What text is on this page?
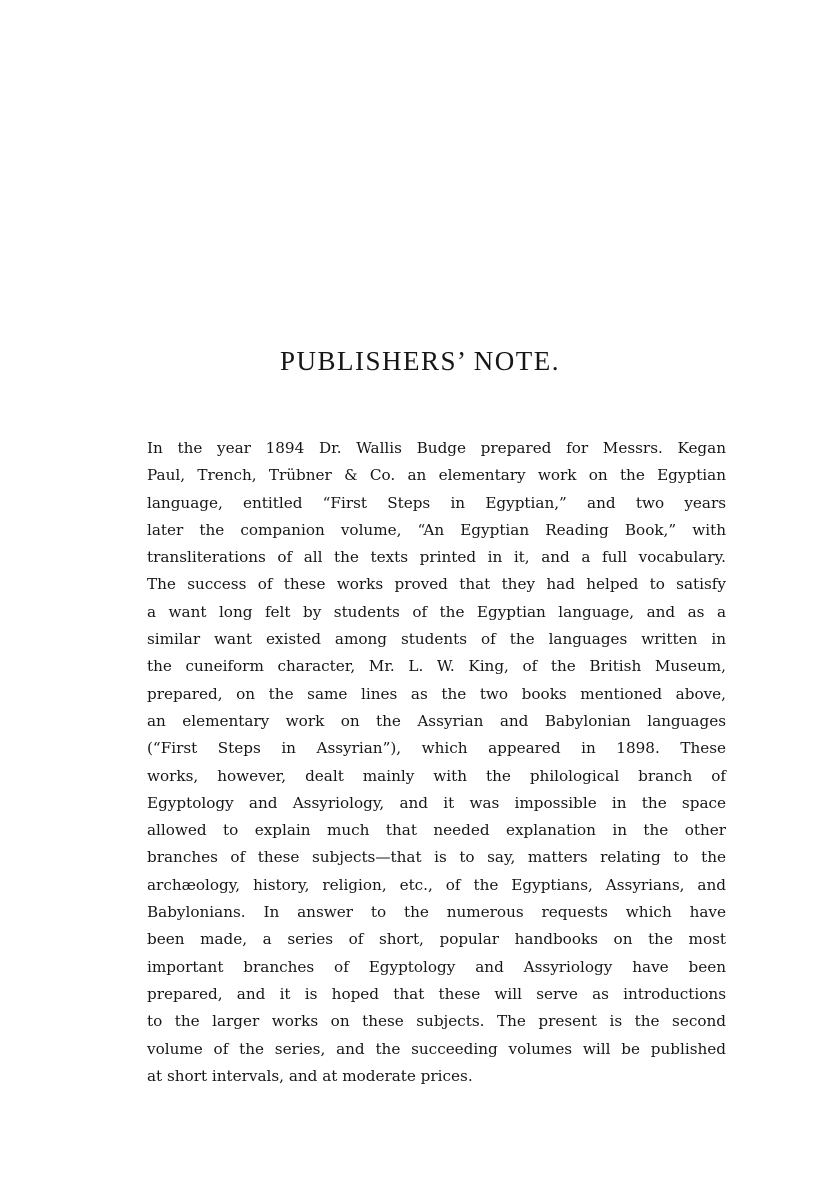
PUBLISHERS’ NOTE.
In the year 1894 Dr. Wallis Budge prepared for Messrs. Kegan
Paul, Trench, Trübner & Co. an elementary work on the Egyptian
language, entitled “First Steps in Egyptian,” and two years
later the companion volume, “An Egyptian Reading Book,” with
transliterations of all the texts printed in it, and a full vocabulary.
The success of these works proved that they had helped to satisfy
a want long felt by students of the Egyptian language, and as a
similar want existed among students of the languages written in
the cuneiform character, Mr. L. W. King, of the British Museum,
prepared, on the same lines as the two books mentioned above,
an elementary work on the Assyrian and Babylonian languages
(“First Steps in Assyrian”), which appeared in 1898. These
works, however, dealt mainly with the philological branch of
Egyptology and Assyriology, and it was impossible in the space
allowed to explain much that needed explanation in the other
branches of these subjects—that is to say, matters relating to the
archæology, history, religion, etc., of the Egyptians, Assyrians, and
Babylonians. In answer to the numerous requests which have
been made, a series of short, popular handbooks on the most
important branches of Egyptology and Assyriology have been
prepared, and it is hoped that these will serve as introductions
to the larger works on these subjects. The present is the second
volume of the series, and the succeeding volumes will be published
at short intervals, and at moderate prices.
